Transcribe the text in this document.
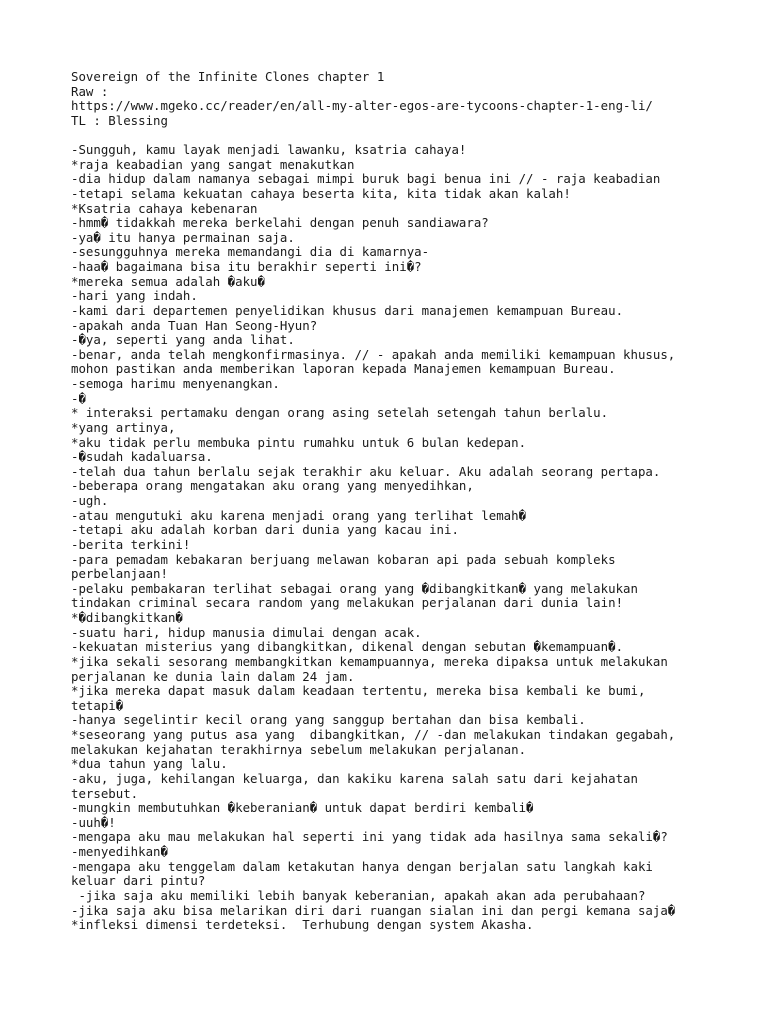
Sovereign of the Infinite Clones chapter 1
Raw :
https://www.mgeko.cc/reader/en/all-my-alter-egos-are-tycoons-chapter-1-eng-li/
TL : Blessing
-Sungguh, kamu layak menjadi lawanku, ksatria cahaya!
*raja keabadian yang sangat menakutkan
-dia hidup dalam namanya sebagai mimpi buruk bagi benua ini // - raja keabadian
-tetapi selama kekuatan cahaya beserta kita, kita tidak akan kalah!
*Ksatria cahaya kebenaran
-hmm� tidakkah mereka berkelahi dengan penuh sandiawara?
-ya� itu hanya permainan saja.
-sesungguhnya mereka memandangi dia di kamarnya-
-haa� bagaimana bisa itu berakhir seperti ini�?
*mereka semua adalah �aku�
-hari yang indah.
-kami dari departemen penyelidikan khusus dari manajemen kemampuan Bureau.
-apakah anda Tuan Han Seong-Hyun?
-�ya, seperti yang anda lihat.
-benar, anda telah mengkonfirmasinya. // - apakah anda memiliki kemampuan khusus,
mohon pastikan anda memberikan laporan kepada Manajemen kemampuan Bureau.
-semoga harimu menyenangkan.
-�
* interaksi pertamaku dengan orang asing setelah setengah tahun berlalu.
*yang artinya,
*aku tidak perlu membuka pintu rumahku untuk 6 bulan kedepan.
-�sudah kadaluarsa.
-telah dua tahun berlalu sejak terakhir aku keluar. Aku adalah seorang pertapa.
-beberapa orang mengatakan aku orang yang menyedihkan,
-ugh.
-atau mengutuki aku karena menjadi orang yang terlihat lemah�
-tetapi aku adalah korban dari dunia yang kacau ini.
-berita terkini!
-para pemadam kebakaran berjuang melawan kobaran api pada sebuah kompleks
perbelanjaan!
-pelaku pembakaran terlihat sebagai orang yang �dibangkitkan� yang melakukan
tindakan criminal secara random yang melakukan perjalanan dari dunia lain!
*�dibangkitkan�
-suatu hari, hidup manusia dimulai dengan acak.
-kekuatan misterius yang dibangkitkan, dikenal dengan sebutan �kemampuan�.
*jika sekali sesorang membangkitkan kemampuannya, mereka dipaksa untuk melakukan
perjalanan ke dunia lain dalam 24 jam.
*jika mereka dapat masuk dalam keadaan tertentu, mereka bisa kembali ke bumi,
tetapi�
-hanya segelintir kecil orang yang sanggup bertahan dan bisa kembali.
*seseorang yang putus asa yang  dibangkitkan, // -dan melakukan tindakan gegabah,
melakukan kejahatan terakhirnya sebelum melakukan perjalanan.
*dua tahun yang lalu.
-aku, juga, kehilangan keluarga, dan kakiku karena salah satu dari kejahatan
tersebut.
-mungkin membutuhkan �keberanian� untuk dapat berdiri kembali�
-uuh�!
-mengapa aku mau melakukan hal seperti ini yang tidak ada hasilnya sama sekali�?
-menyedihkan�
-mengapa aku tenggelam dalam ketakutan hanya dengan berjalan satu langkah kaki
keluar dari pintu?
-jika saja aku memiliki lebih banyak keberanian, apakah akan ada perubahaan?
-jika saja aku bisa melarikan diri dari ruangan sialan ini dan pergi kemana saja�
*infleksi dimensi terdeteksi.  Terhubung dengan system Akasha.
